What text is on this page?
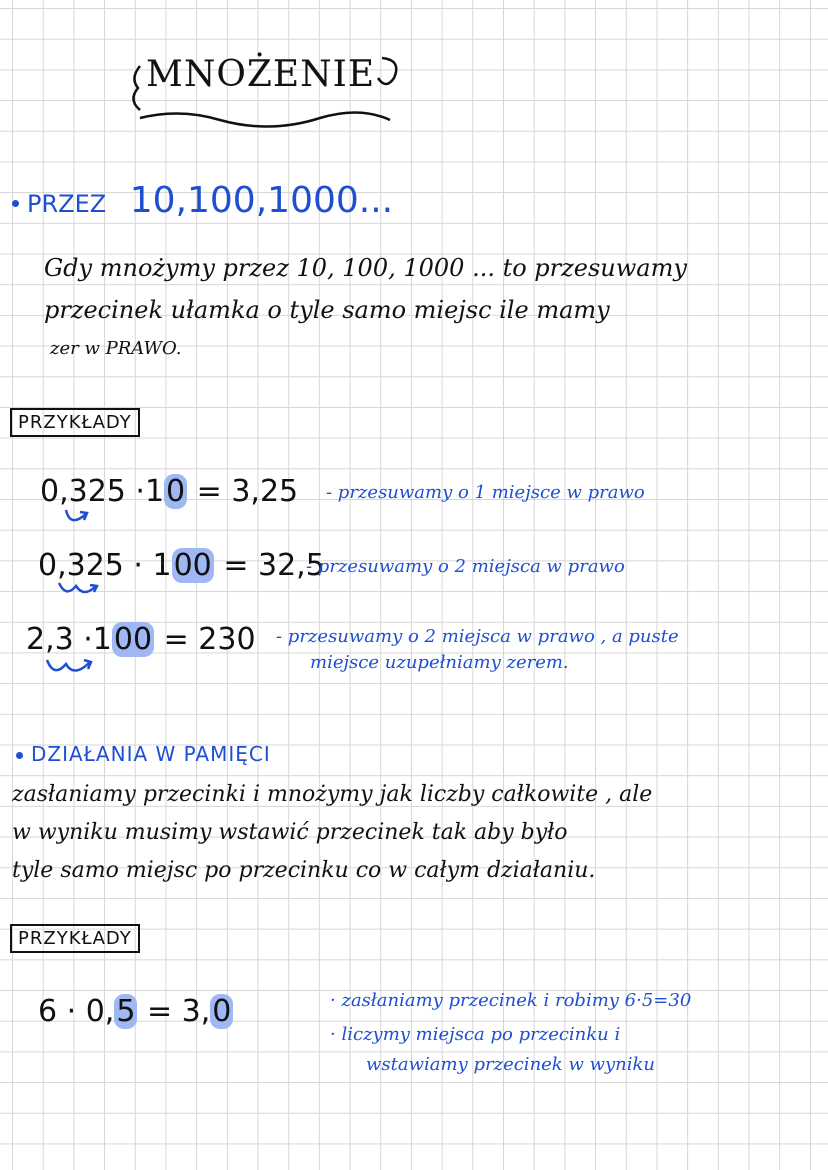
MNOŻENIE
PRZEZ 10,100,1000...
Gdy mnożymy przez 10, 100, 1000 ... to przesuwamy
przecinek ułamka o tyle samo miejsc ile mamy
zer w PRAWO.
PRZYKŁADY
0,325 ·10 = 3,25 - przesuwamy o 1 miejsce w prawo
0,325 · 100 = 32,5
- przesuwamy o 2 miejsca w prawo
2,3 ·100 = 230 - przesuwamy o 2 miejsca w prawo , a puste
miejsce uzupełniamy zerem.
DZIAŁANIA W PAMIĘCI
zasłaniamy przecinki i mnożymy jak liczby całkowite , ale
w wyniku musimy wstawić przecinek tak aby było
tyle samo miejsc po przecinku co w całym działaniu.
PRZYKŁADY
6 · 0,5 = 3,0	· zasłaniamy przecinek i robimy 6·5=30
· liczymy miejsca po przecinku i
wstawiamy przecinek w wyniku
